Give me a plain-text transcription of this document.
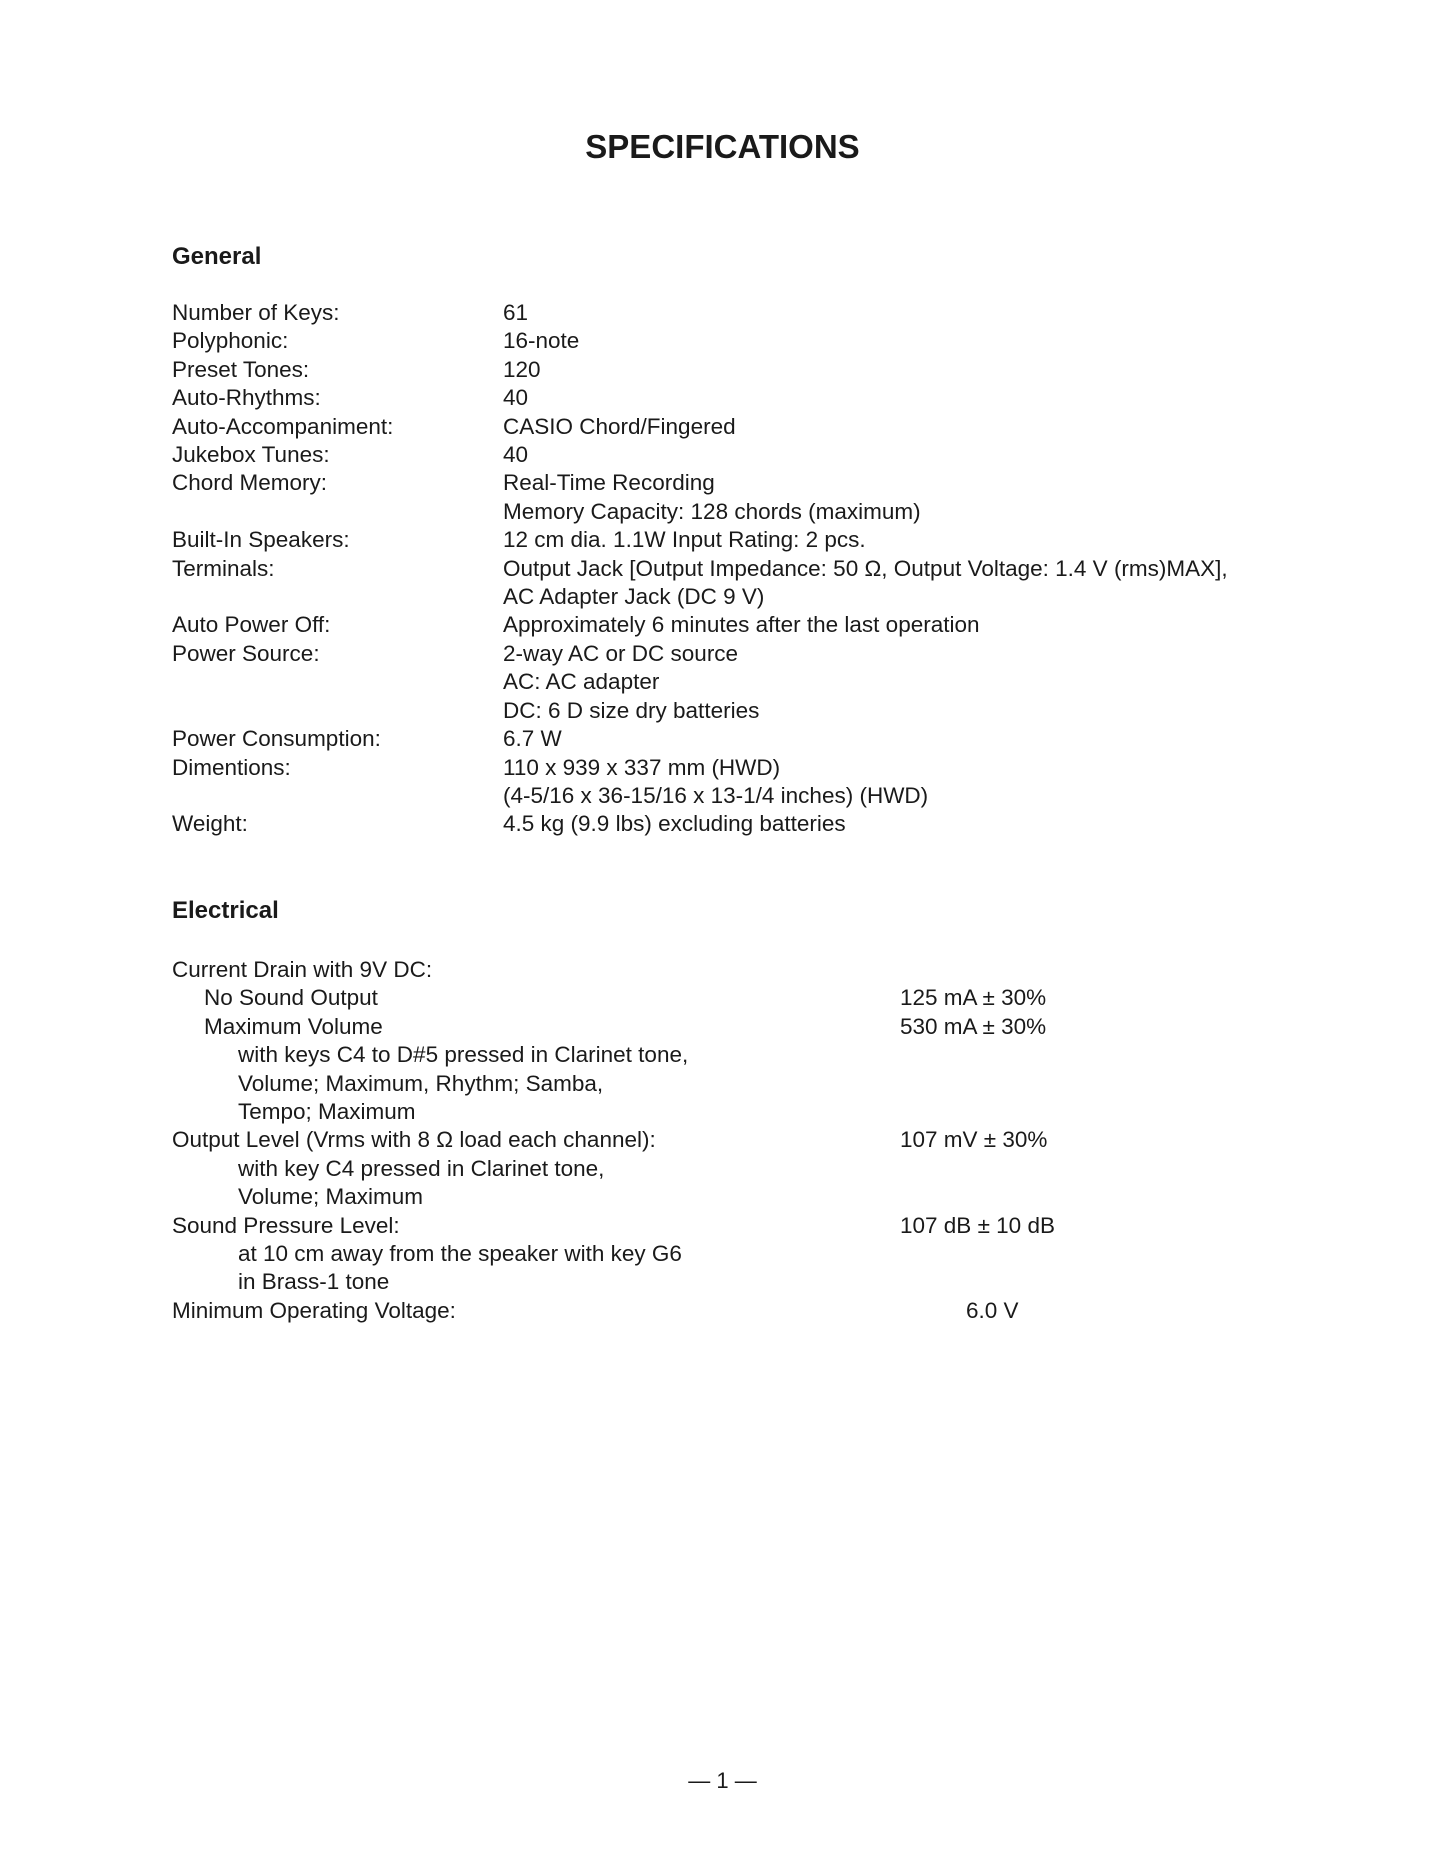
SPECIFICATIONS
General
Number of Keys:	61
Polyphonic:	16-note
Preset Tones:	120
Auto-Rhythms:	40
Auto-Accompaniment:	CASIO Chord/Fingered
Jukebox Tunes:	40
Chord Memory:	Real-Time Recording
Memory Capacity: 128 chords (maximum)
Built-In Speakers:	12 cm dia. 1.1W Input Rating: 2 pcs.
Terminals:	Output Jack [Output Impedance: 50 Ω, Output Voltage: 1.4 V (rms)MAX],
AC Adapter Jack (DC 9 V)
Auto Power Off:	Approximately 6 minutes after the last operation
Power Source:	2-way AC or DC source
AC: AC adapter
DC: 6 D size dry batteries
Power Consumption:	6.7 W
Dimentions:	110 x 939 x 337 mm (HWD)
(4-5/16 x 36-15/16 x 13-1/4 inches) (HWD)
Weight:	4.5 kg (9.9 lbs) excluding batteries
Electrical
Current Drain with 9V DC:
No Sound Output	125 mA ± 30%
Maximum Volume	530 mA ± 30%
with keys C4 to D#5 pressed in Clarinet tone,
Volume; Maximum, Rhythm; Samba,
Tempo; Maximum
Output Level (Vrms with 8 Ω load each channel):	107 mV ± 30%
with key C4 pressed in Clarinet tone,
Volume; Maximum
Sound Pressure Level:	107 dB ± 10 dB
at 10 cm away from the speaker with key G6
in Brass-1 tone
Minimum Operating Voltage:	6.0 V
— 1 —
